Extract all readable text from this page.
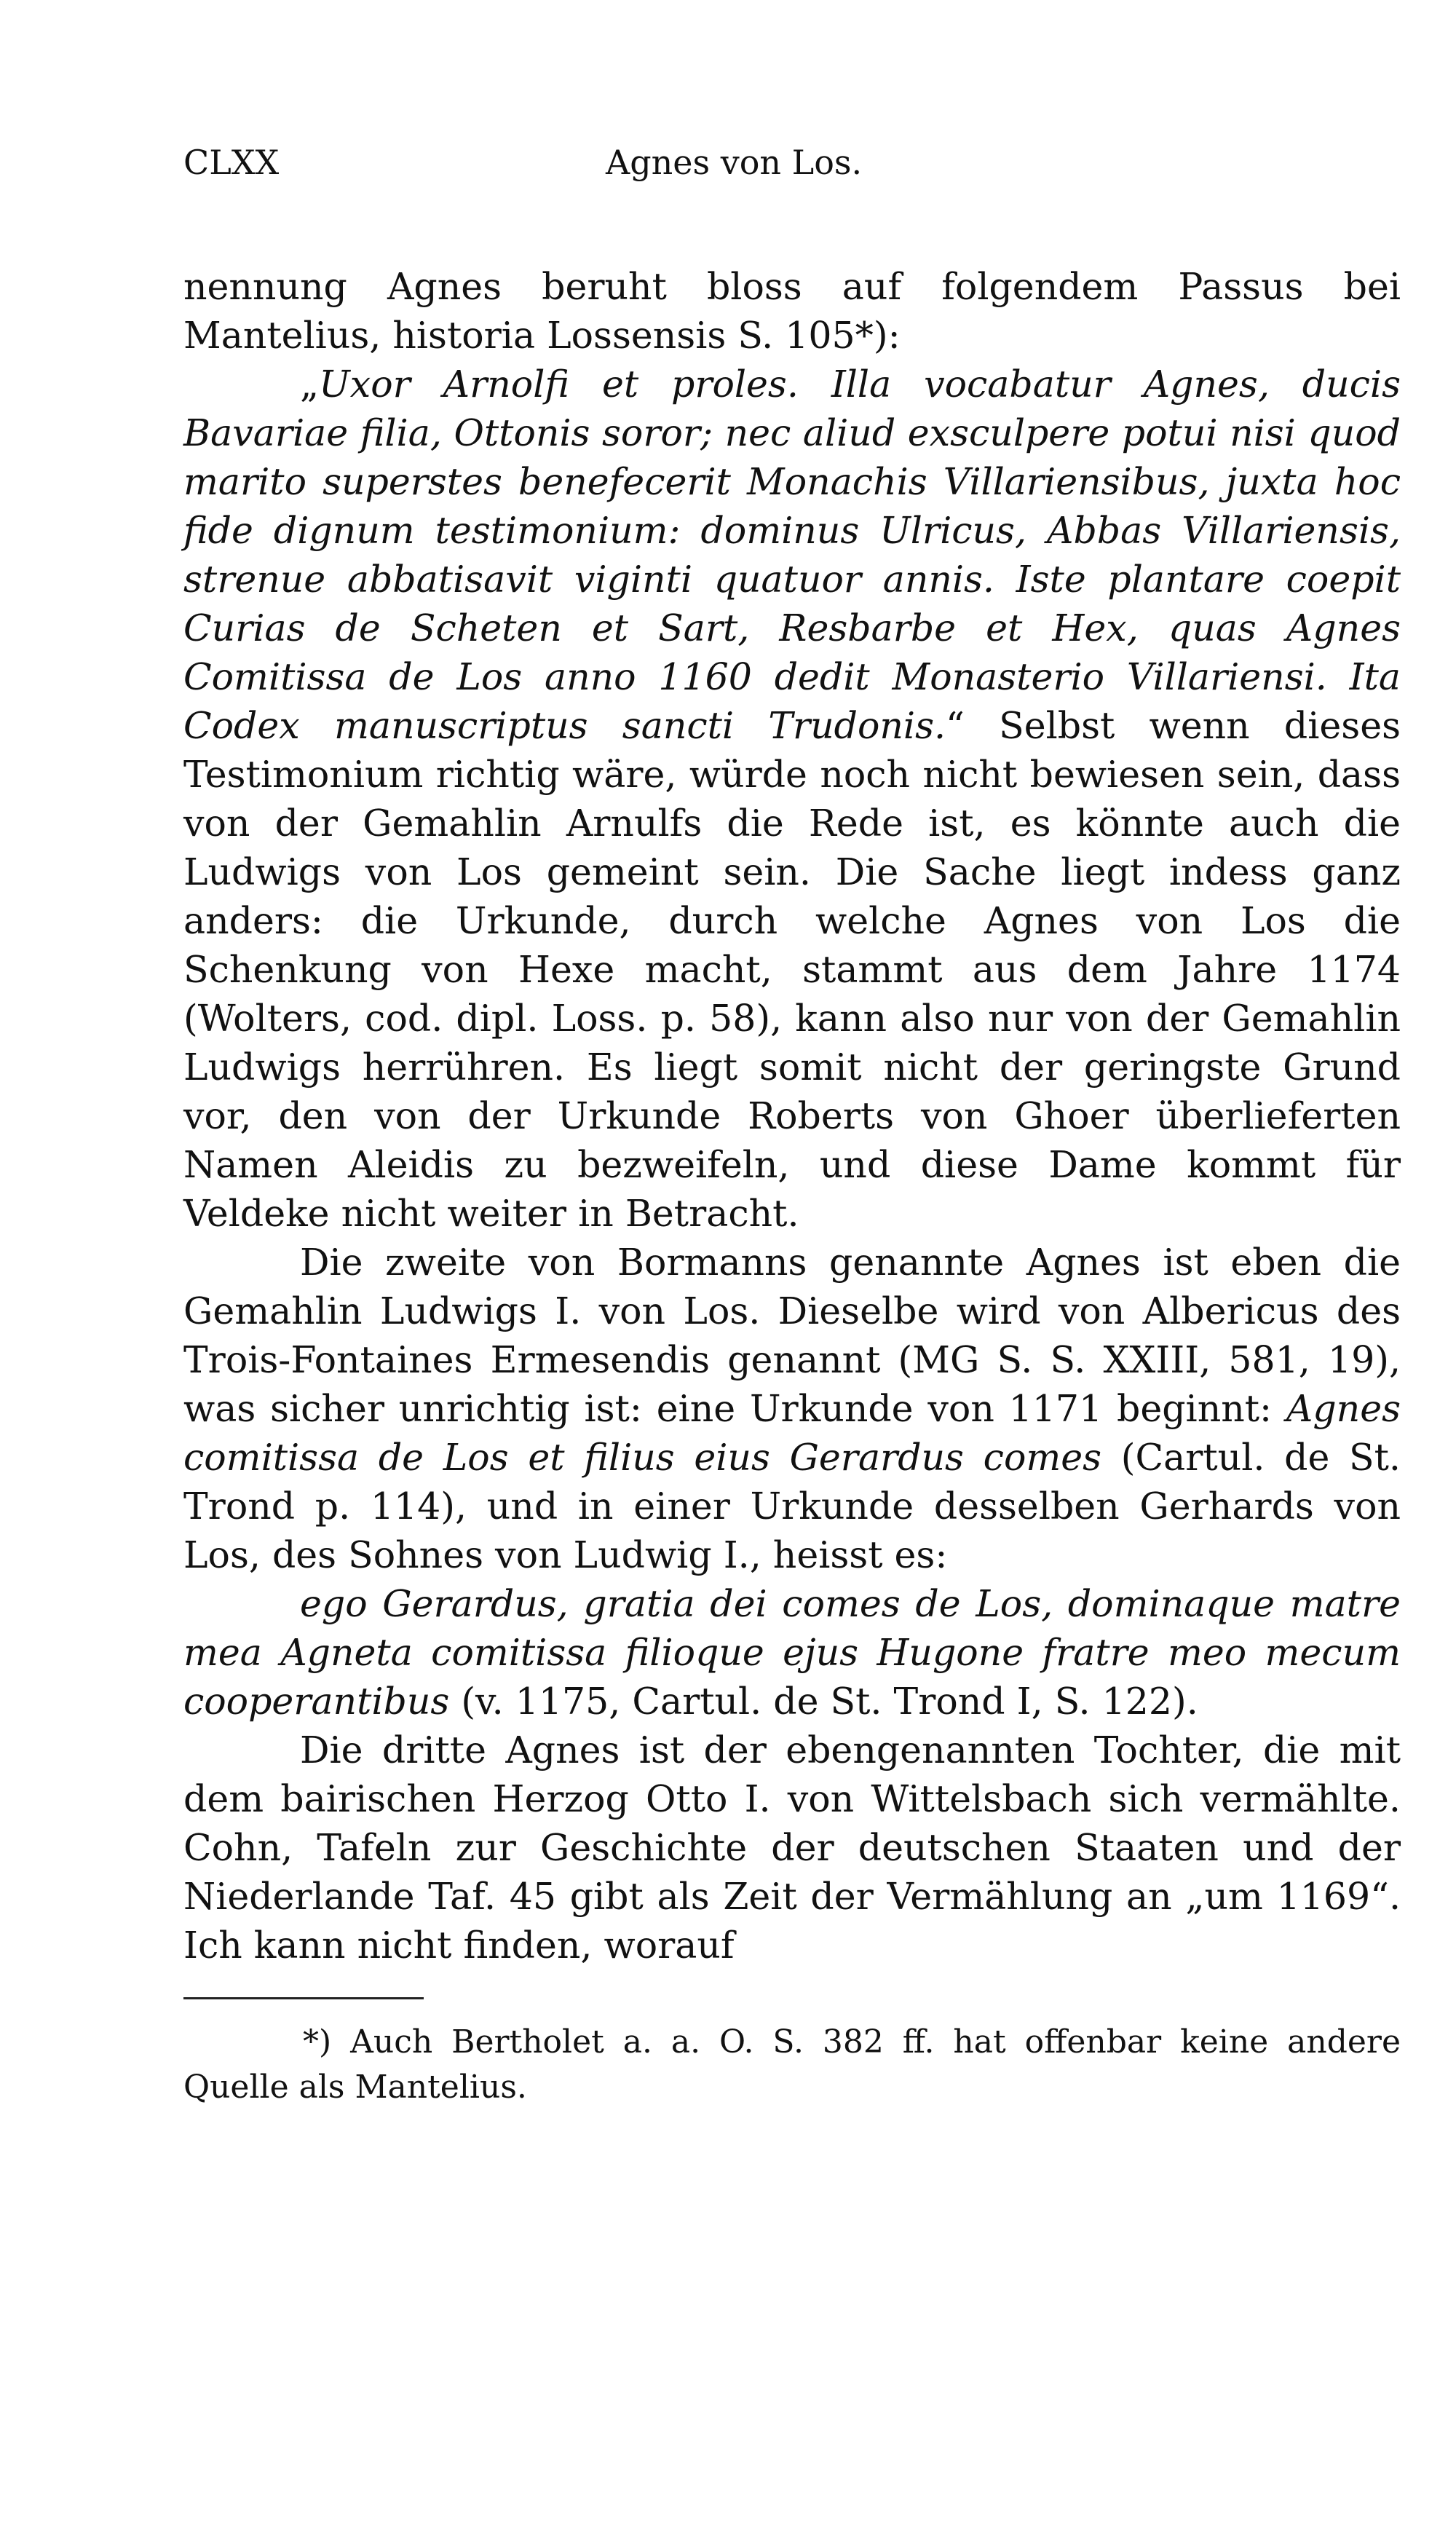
CLXX	Agnes von Los.

nennung Agnes beruht bloss auf folgendem Passus bei Mantelius, historia Lossensis S. 105*):

„Uxor Arnolfi et proles. Illa vocabatur Agnes, ducis Bavariae filia, Ottonis soror; nec aliud exsculpere potui nisi quod marito superstes benefecerit Monachis Villariensibus, juxta hoc fide dignum testimonium: dominus Ulricus, Abbas Villariensis, strenue abbatisavit viginti quatuor annis. Iste plantare coepit Curias de Scheten et Sart, Resbarbe et Hex, quas Agnes Comitissa de Los anno 1160 dedit Monasterio Villariensi. Ita Codex manuscriptus sancti Trudonis.“ Selbst wenn dieses Testimonium richtig wäre, würde noch nicht bewiesen sein, dass von der Gemahlin Arnulfs die Rede ist, es könnte auch die Ludwigs von Los gemeint sein. Die Sache liegt indess ganz anders: die Urkunde, durch welche Agnes von Los die Schenkung von Hexe macht, stammt aus dem Jahre 1174 (Wolters, cod. dipl. Loss. p. 58), kann also nur von der Gemahlin Ludwigs herrühren. Es liegt somit nicht der geringste Grund vor, den von der Urkunde Roberts von Ghoer überlieferten Namen Aleidis zu bezweifeln, und diese Dame kommt für Veldeke nicht weiter in Betracht.

Die zweite von Bormanns genannte Agnes ist eben die Gemahlin Ludwigs I. von Los. Dieselbe wird von Albericus des Trois-Fontaines Ermesendis genannt (MG S. S. XXIII, 581, 19), was sicher unrichtig ist: eine Urkunde von 1171 beginnt: Agnes comitissa de Los et filius eius Gerardus comes (Cartul. de St. Trond p. 114), und in einer Urkunde desselben Gerhards von Los, des Sohnes von Ludwig I., heisst es:

ego Gerardus, gratia dei comes de Los, dominaque matre mea Agneta comitissa filioque ejus Hugone fratre meo mecum cooperantibus (v. 1175, Cartul. de St. Trond I, S. 122).

Die dritte Agnes ist der ebengenannten Tochter, die mit dem bairischen Herzog Otto I. von Wittelsbach sich vermählte. Cohn, Tafeln zur Geschichte der deutschen Staaten und der Niederlande Taf. 45 gibt als Zeit der Vermählung an „um 1169“. Ich kann nicht finden, worauf

*) Auch Bertholet a. a. O. S. 382 ff. hat offenbar keine andere Quelle als Mantelius.
